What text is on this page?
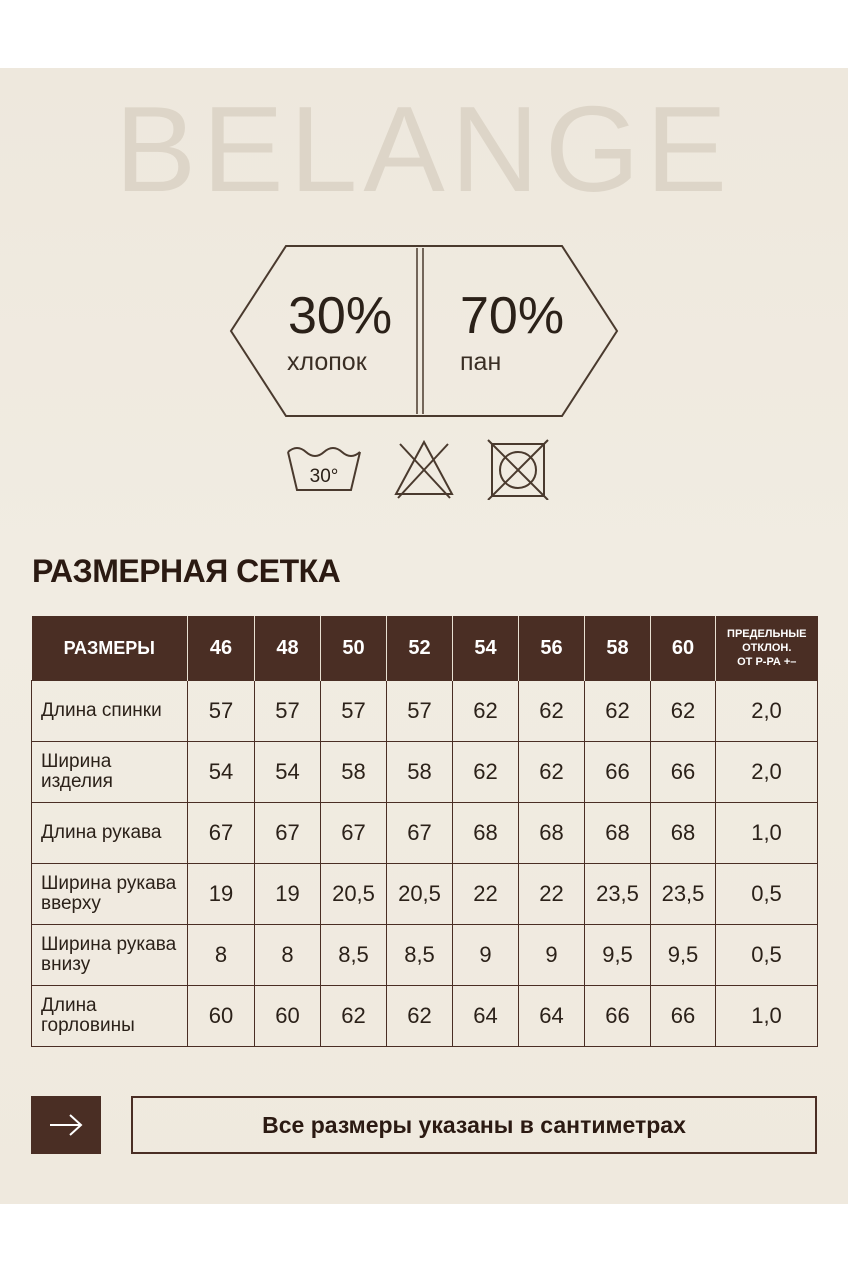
BELANGE
30%
хлопок
70%
пан
30°
РАЗМЕРНАЯ СЕТКА
РАЗМЕРЫ	46	48	50	52	54	56	58	60	ПРЕДЕЛЬНЫЕ
ОТКЛОН.
ОТ Р-РА +–

Длина спинки	57	57	57	57	62	62	62	62	2,0

Ширина
изделия	54	54	58	58	62	62	66	66	2,0

Длина рукава	67	67	67	67	68	68	68	68	1,0

Ширина рукава
вверху	19	19	20,5	20,5	22	22	23,5	23,5	0,5

Ширина рукава
внизу	8	8	8,5	8,5	9	9	9,5	9,5	0,5

Длина
горловины	60	60	62	62	64	64	66	66	1,0
Все размеры указаны в сантиметрах
